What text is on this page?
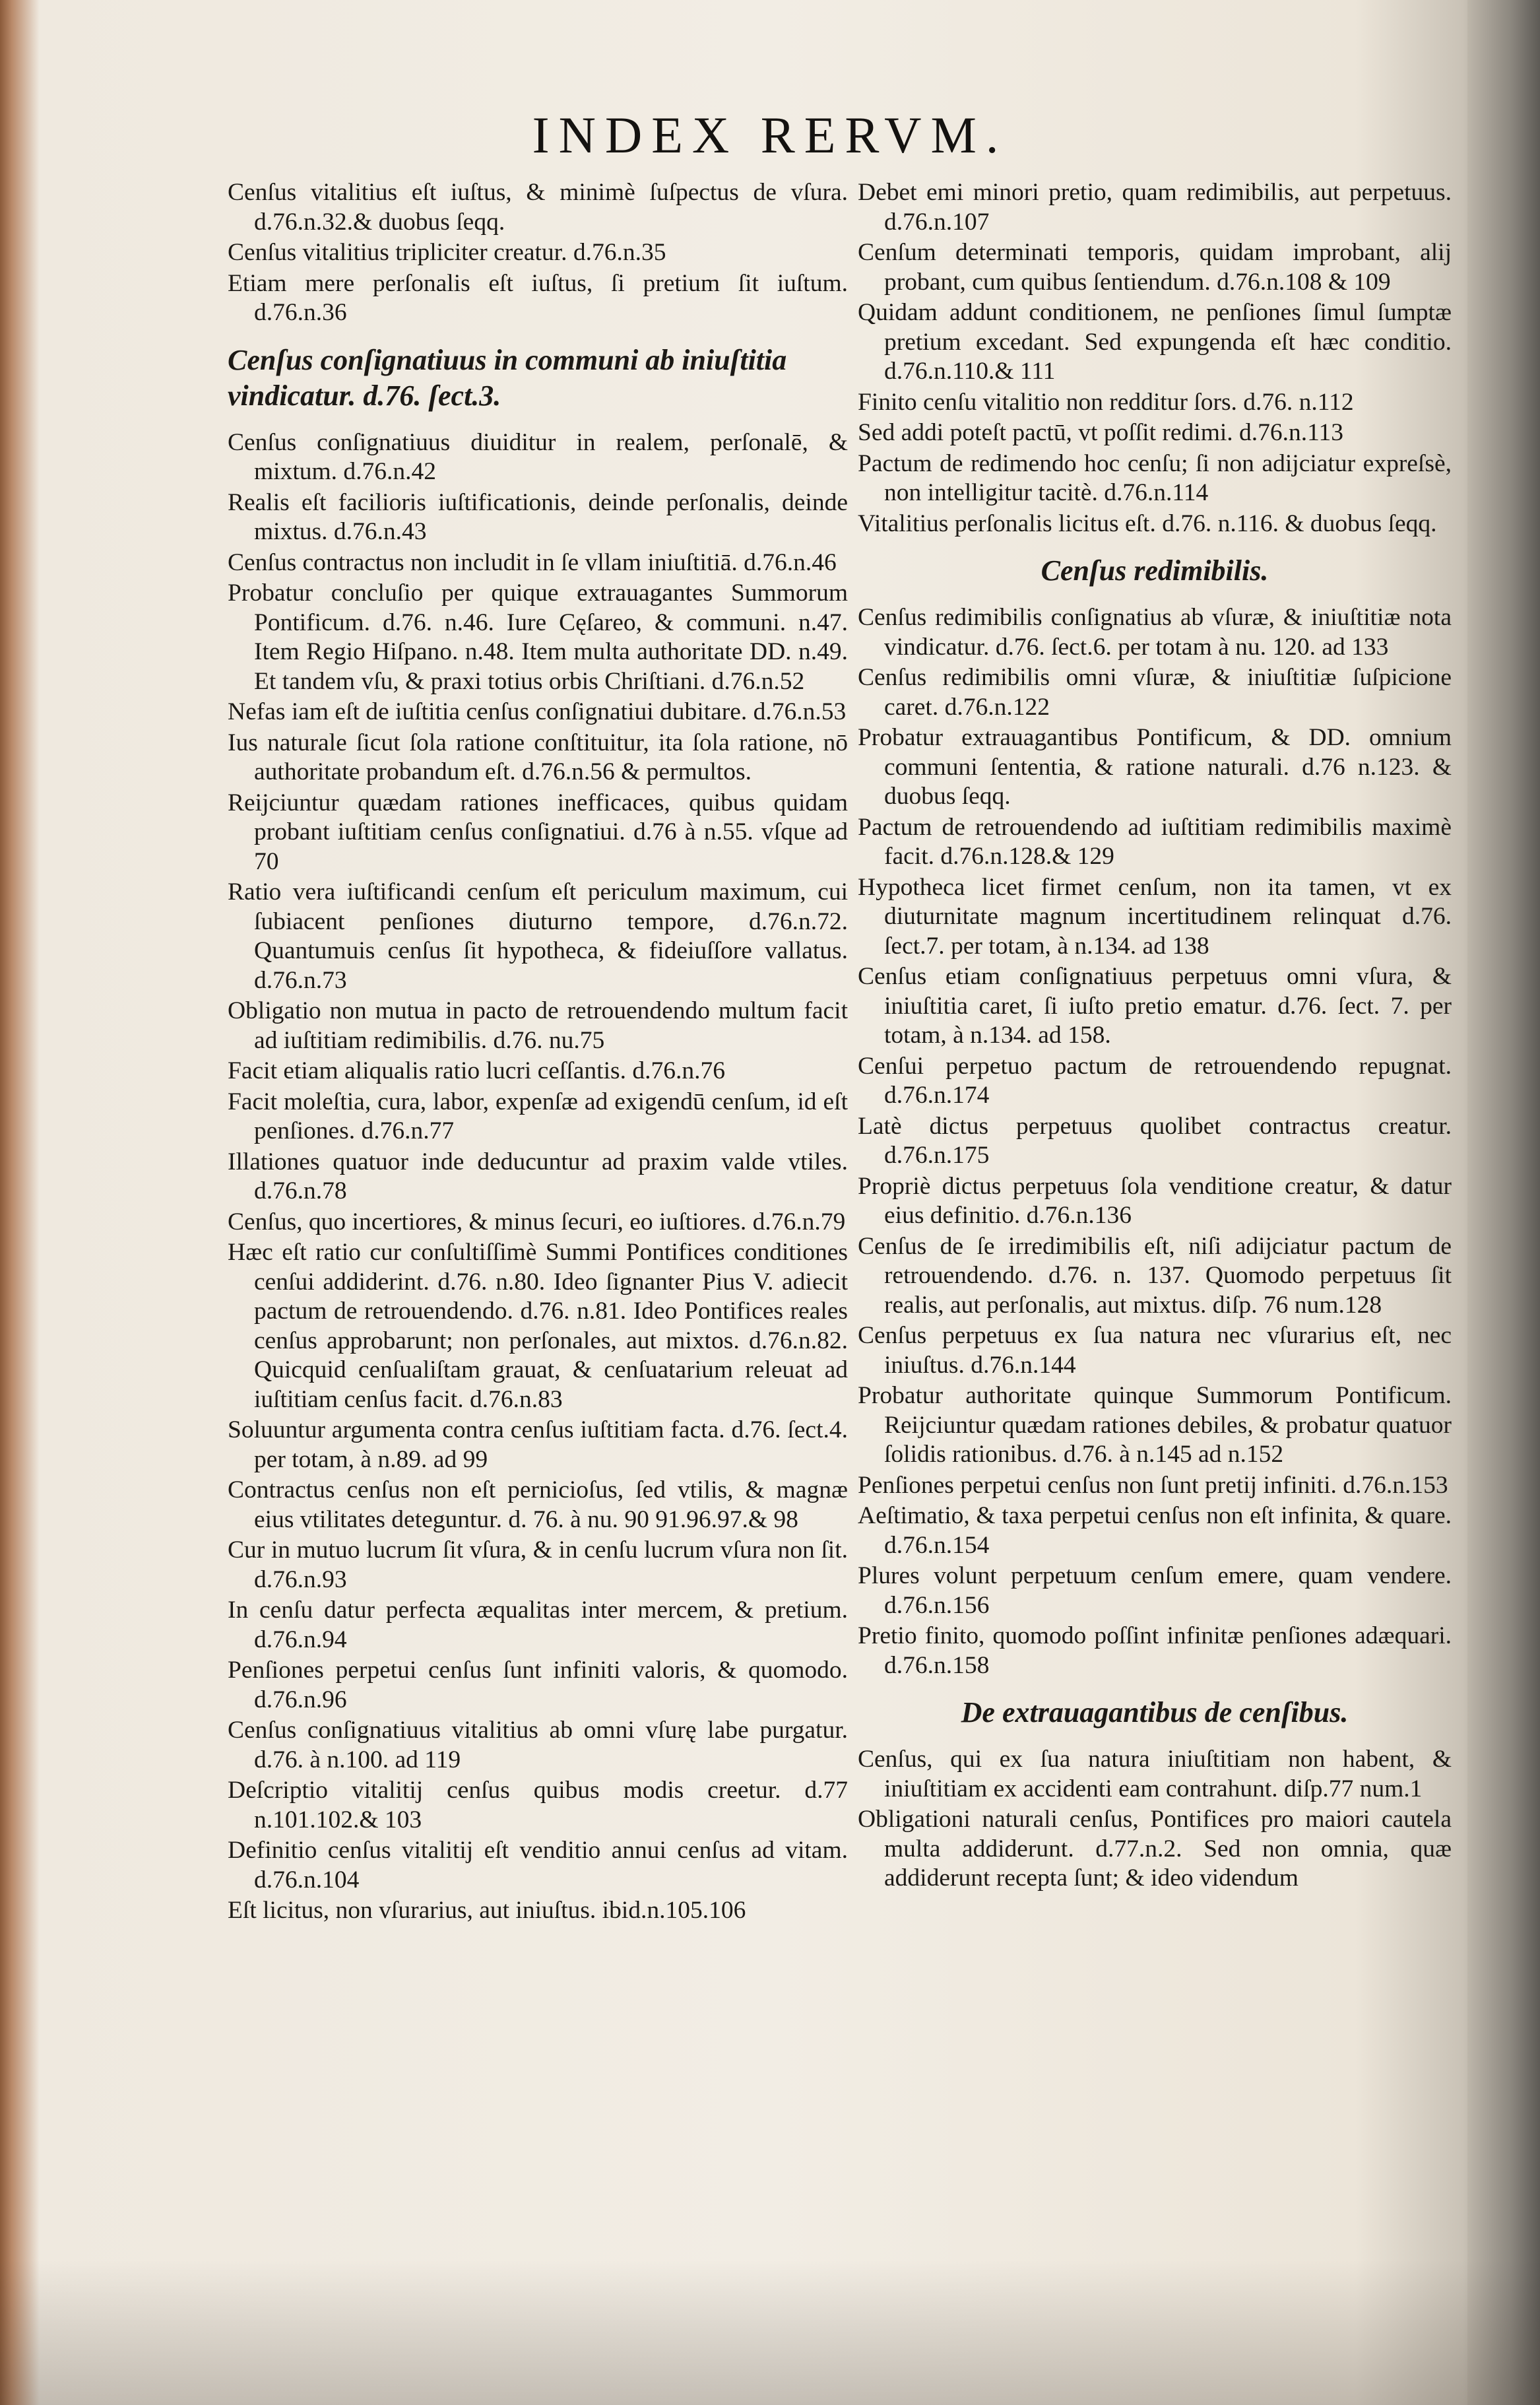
INDEX RERVM.
Cenſus vitalitius eſt iuſtus, & minimè ſuſpectus de vſura. d.76.n.32.& duobus ſeqq.
Cenſus vitalitius tripliciter creatur. d.76.n.35
Etiam mere perſonalis eſt iuſtus, ſi pretium ſit iuſtum. d.76.n.36
Cenſus conſignatiuus in communi ab iniuſtitia vindicatur. d.76. ſect.3.
Cenſus conſignatiuus diuiditur in realem, perſonalē, & mixtum. d.76.n.42
Realis eſt facilioris iuſtificationis, deinde perſonalis, deinde mixtus. d.76.n.43
Cenſus contractus non includit in ſe vllam iniuſtitiā. d.76.n.46
Probatur concluſio per quique extrauagantes Summorum Pontificum. d.76. n.46. Iure Cęſareo, & communi. n.47. Item Regio Hiſpano. n.48. Item multa authoritate DD. n.49. Et tandem vſu, & praxi totius orbis Chriſtiani. d.76.n.52
Nefas iam eſt de iuſtitia cenſus conſignatiui dubitare. d.76.n.53
Ius naturale ſicut ſola ratione conſtituitur, ita ſola ratione, nō authoritate probandum eſt. d.76.n.56 & permultos.
Reijciuntur quædam rationes inefficaces, quibus quidam probant iuſtitiam cenſus conſignatiui. d.76 à n.55. vſque ad 70
Ratio vera iuſtificandi cenſum eſt periculum maximum, cui ſubiacent penſiones diuturno tempore, d.76.n.72. Quantumuis cenſus ſit hypotheca, & fideiuſſore vallatus. d.76.n.73
Obligatio non mutua in pacto de retrouendendo multum facit ad iuſtitiam redimibilis. d.76. nu.75
Facit etiam aliqualis ratio lucri ceſſantis. d.76.n.76
Facit moleſtia, cura, labor, expenſæ ad exigendū cenſum, id eſt penſiones. d.76.n.77
Illationes quatuor inde deducuntur ad praxim valde vtiles. d.76.n.78
Cenſus, quo incertiores, & minus ſecuri, eo iuſtiores. d.76.n.79
Hæc eſt ratio cur conſultiſſimè Summi Pontifices conditiones cenſui addiderint. d.76. n.80. Ideo ſignanter Pius V. adiecit pactum de retrouendendo. d.76. n.81. Ideo Pontifices reales cenſus approbarunt; non perſonales, aut mixtos. d.76.n.82. Quicquid cenſualiſtam grauat, & cenſuatarium releuat ad iuſtitiam cenſus facit. d.76.n.83
Soluuntur argumenta contra cenſus iuſtitiam facta. d.76. ſect.4. per totam, à n.89. ad 99
Contractus cenſus non eſt pernicioſus, ſed vtilis, & magnæ eius vtilitates deteguntur. d. 76. à nu. 90 91.96.97.& 98
Cur in mutuo lucrum ſit vſura, & in cenſu lucrum vſura non ſit. d.76.n.93
In cenſu datur perfecta æqualitas inter mercem, & pretium. d.76.n.94
Penſiones perpetui cenſus ſunt infiniti valoris, & quomodo. d.76.n.96
Cenſus conſignatiuus vitalitius ab omni vſurę labe purgatur. d.76. à n.100. ad 119
Deſcriptio vitalitij cenſus quibus modis creetur. d.77 n.101.102.& 103
Definitio cenſus vitalitij eſt venditio annui cenſus ad vitam. d.76.n.104
Eſt licitus, non vſurarius, aut iniuſtus. ibid.n.105.106
Debet emi minori pretio, quam redimibilis, aut perpetuus. d.76.n.107
Cenſum determinati temporis, quidam improbant, alij probant, cum quibus ſentiendum. d.76.n.108 & 109
Quidam addunt conditionem, ne penſiones ſimul ſumptæ pretium excedant. Sed expungenda eſt hæc conditio. d.76.n.110.& 111
Finito cenſu vitalitio non redditur ſors. d.76. n.112
Sed addi poteſt pactū, vt poſſit redimi. d.76.n.113
Pactum de redimendo hoc cenſu; ſi non adijciatur expreſsè, non intelligitur tacitè. d.76.n.114
Vitalitius perſonalis licitus eſt. d.76. n.116. & duobus ſeqq.
Cenſus redimibilis.
Cenſus redimibilis conſignatius ab vſuræ, & iniuſtitiæ nota vindicatur. d.76. ſect.6. per totam à nu. 120. ad 133
Cenſus redimibilis omni vſuræ, & iniuſtitiæ ſuſpicione caret. d.76.n.122
Probatur extrauagantibus Pontificum, & DD. omnium communi ſententia, & ratione naturali. d.76 n.123. & duobus ſeqq.
Pactum de retrouendendo ad iuſtitiam redimibilis maximè facit. d.76.n.128.& 129
Hypotheca licet firmet cenſum, non ita tamen, vt ex diuturnitate magnum incertitudinem relinquat d.76. ſect.7. per totam, à n.134. ad 138
Cenſus etiam conſignatiuus perpetuus omni vſura, & iniuſtitia caret, ſi iuſto pretio ematur. d.76. ſect. 7. per totam, à n.134. ad 158.
Cenſui perpetuo pactum de retrouendendo repugnat. d.76.n.174
Latè dictus perpetuus quolibet contractus creatur. d.76.n.175
Propriè dictus perpetuus ſola venditione creatur, & datur eius definitio. d.76.n.136
Cenſus de ſe irredimibilis eſt, niſi adijciatur pactum de retrouendendo. d.76. n. 137. Quomodo perpetuus ſit realis, aut perſonalis, aut mixtus. diſp. 76 num.128
Cenſus perpetuus ex ſua natura nec vſurarius eſt, nec iniuſtus. d.76.n.144
Probatur authoritate quinque Summorum Pontificum. Reijciuntur quædam rationes debiles, & probatur quatuor ſolidis rationibus. d.76. à n.145 ad n.152
Penſiones perpetui cenſus non ſunt pretij infiniti. d.76.n.153
Aeſtimatio, & taxa perpetui cenſus non eſt infinita, & quare. d.76.n.154
Plures volunt perpetuum cenſum emere, quam vendere. d.76.n.156
Pretio finito, quomodo poſſint infinitæ penſiones adæquari. d.76.n.158
De extrauagantibus de cenſibus.
Cenſus, qui ex ſua natura iniuſtitiam non habent, & iniuſtitiam ex accidenti eam contrahunt. diſp.77 num.1
Obligationi naturali cenſus, Pontifices pro maiori cautela multa addiderunt. d.77.n.2. Sed non omnia, quæ addiderunt recepta ſunt; & ideo videndum
